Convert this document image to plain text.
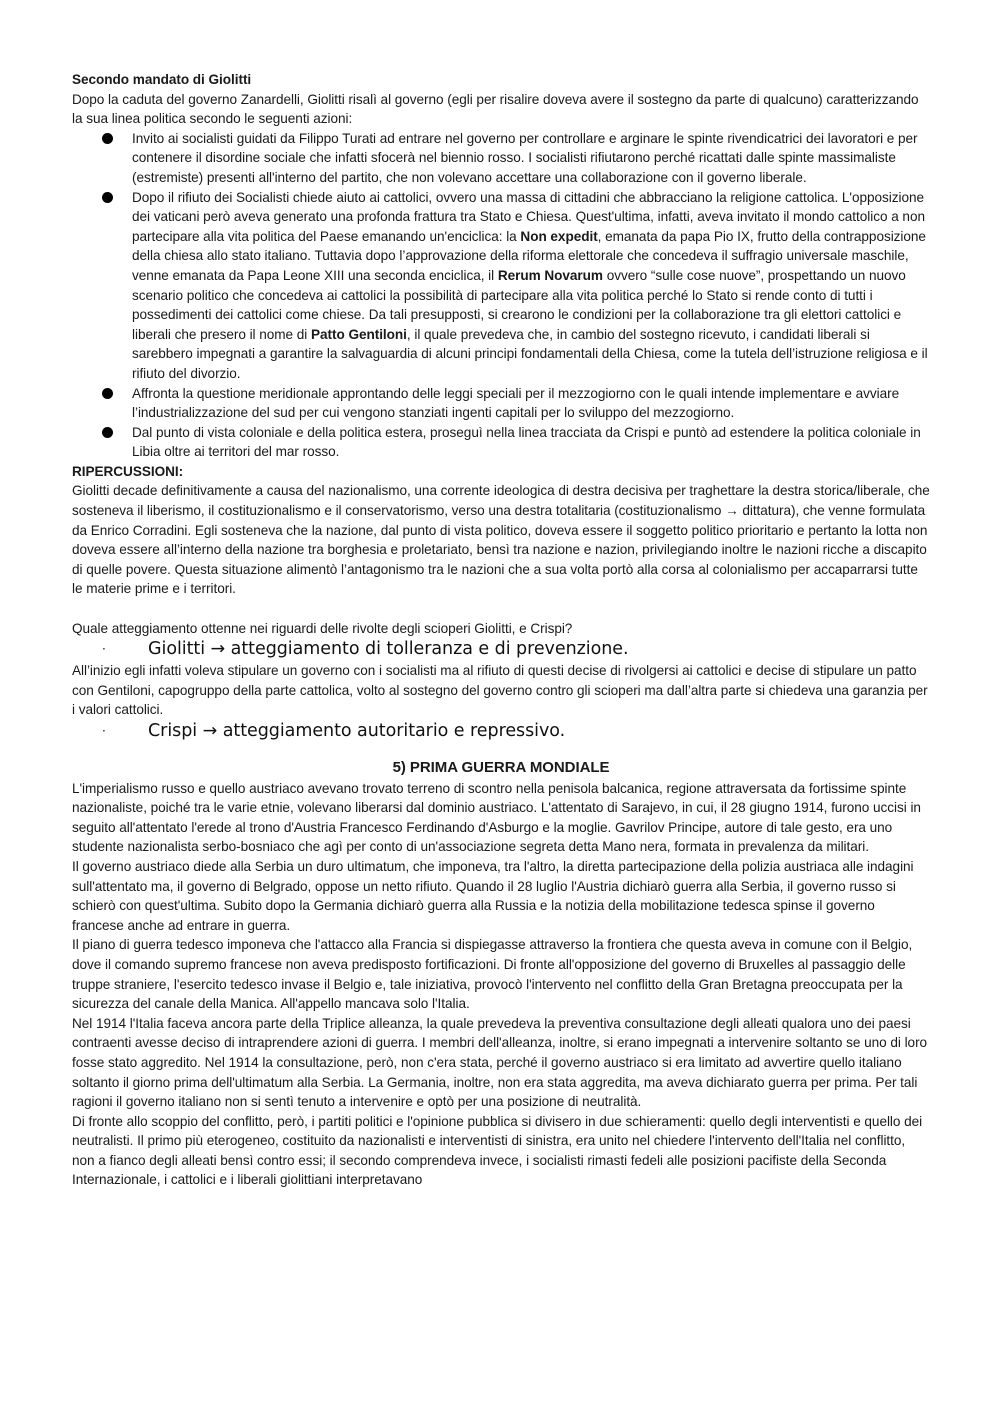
Secondo mandato di Giolitti

Dopo la caduta del governo Zanardelli, Giolitti risalì al governo (egli per risalire doveva avere il sostegno da parte di qualcuno) caratterizzando la sua linea politica secondo le seguenti azioni:

Invito ai socialisti guidati da Filippo Turati ad entrare nel governo per controllare e arginare le spinte rivendicatrici dei lavoratori e per contenere il disordine sociale che infatti sfocerà nel biennio rosso. I socialisti rifiutarono perché ricattati dalle spinte massimaliste (estremiste) presenti all'interno del partito, che non volevano accettare una collaborazione con il governo liberale.
Dopo il rifiuto dei Socialisti chiede aiuto ai cattolici, ovvero una massa di cittadini che abbracciano la religione cattolica. L'opposizione dei vaticani però aveva generato una profonda frattura tra Stato e Chiesa. Quest'ultima, infatti, aveva invitato il mondo cattolico a non partecipare alla vita politica del Paese emanando un'enciclica: la Non expedit, emanata da papa Pio IX, frutto della contrapposizione della chiesa allo stato italiano. Tuttavia dopo l’approvazione della riforma elettorale che concedeva il suffragio universale maschile, venne emanata da Papa Leone XIII una seconda enciclica, il Rerum Novarum ovvero “sulle cose nuove”, prospettando un nuovo scenario politico che concedeva ai cattolici la possibilità di partecipare alla vita politica perché lo Stato si rende conto di tutti i possedimenti dei cattolici come chiese. Da tali presupposti, si crearono le condizioni per la collaborazione tra gli elettori cattolici e liberali che presero il nome di Patto Gentiloni, il quale prevedeva che, in cambio del sostegno ricevuto, i candidati liberali si sarebbero impegnati a garantire la salvaguardia di alcuni principi fondamentali della Chiesa, come la tutela dell’istruzione religiosa e il rifiuto del divorzio.
Affronta la questione meridionale approntando delle leggi speciali per il mezzogiorno con le quali intende implementare e avviare l’industrializzazione del sud per cui vengono stanziati ingenti capitali per lo sviluppo del mezzogiorno.
Dal punto di vista coloniale e della politica estera, proseguì nella linea tracciata da Crispi e puntò ad estendere la politica coloniale in Libia oltre ai territori del mar rosso.

RIPERCUSSIONI:

Giolitti decade definitivamente a causa del nazionalismo, una corrente ideologica di destra decisiva per traghettare la destra storica/liberale, che sosteneva il liberismo, il costituzionalismo e il conservatorismo, verso una destra totalitaria (costituzionalismo → dittatura), che venne formulata da Enrico Corradini. Egli sosteneva che la nazione, dal punto di vista politico, doveva essere il soggetto politico prioritario e pertanto la lotta non doveva essere all’interno della nazione tra borghesia e proletariato, bensì tra nazione e nazion, privilegiando inoltre le nazioni ricche a discapito di quelle povere. Questa situazione alimentò l’antagonismo tra le nazioni che a sua volta portò alla corsa al colonialismo per accaparrarsi tutte le materie prime e i territori.

Quale atteggiamento ottenne nei riguardi delle rivolte degli scioperi Giolitti, e Crispi?

· Giolitti → atteggiamento di tolleranza e di prevenzione.

All’inizio egli infatti voleva stipulare un governo con i socialisti ma al rifiuto di questi decise di rivolgersi ai cattolici e decise di stipulare un patto con Gentiloni, capogruppo della parte cattolica, volto al sostegno del governo contro gli scioperi ma dall’altra parte si chiedeva una garanzia per i valori cattolici.

· Crispi → atteggiamento autoritario e repressivo.

5) PRIMA GUERRA MONDIALE

L'imperialismo russo e quello austriaco avevano trovato terreno di scontro nella penisola balcanica, regione attraversata da fortissime spinte nazionaliste, poiché tra le varie etnie, volevano liberarsi dal dominio austriaco. L'attentato di Sarajevo, in cui, il 28 giugno 1914, furono uccisi in seguito all'attentato l'erede al trono d'Austria Francesco Ferdinando d'Asburgo e la moglie. Gavrilov Principe, autore di tale gesto, era uno studente nazionalista serbo-bosniaco che agì per conto di un'associazione segreta detta Mano nera, formata in prevalenza da militari.

Il governo austriaco diede alla Serbia un duro ultimatum, che imponeva, tra l'altro, la diretta partecipazione della polizia austriaca alle indagini sull'attentato ma, il governo di Belgrado, oppose un netto rifiuto. Quando il 28 luglio l'Austria dichiarò guerra alla Serbia, il governo russo si schierò con quest'ultima. Subito dopo la Germania dichiarò guerra alla Russia e la notizia della mobilitazione tedesca spinse il governo francese anche ad entrare in guerra.

Il piano di guerra tedesco imponeva che l'attacco alla Francia si dispiegasse attraverso la frontiera che questa aveva in comune con il Belgio, dove il comando supremo francese non aveva predisposto fortificazioni. Di fronte all'opposizione del governo di Bruxelles al passaggio delle truppe straniere, l'esercito tedesco invase il Belgio e, tale iniziativa, provocò l'intervento nel conflitto della Gran Bretagna preoccupata per la sicurezza del canale della Manica. All'appello mancava solo l'Italia.

Nel 1914 l'Italia faceva ancora parte della Triplice alleanza, la quale prevedeva la preventiva consultazione degli alleati qualora uno dei paesi contraenti avesse deciso di intraprendere azioni di guerra. I membri dell'alleanza, inoltre, si erano impegnati a intervenire soltanto se uno di loro fosse stato aggredito. Nel 1914 la consultazione, però, non c'era stata, perché il governo austriaco si era limitato ad avvertire quello italiano soltanto il giorno prima dell'ultimatum alla Serbia. La Germania, inoltre, non era stata aggredita, ma aveva dichiarato guerra per prima. Per tali ragioni il governo italiano non si sentì tenuto a intervenire e optò per una posizione di neutralità.

Di fronte allo scoppio del conflitto, però, i partiti politici e l'opinione pubblica si divisero in due schieramenti: quello degli interventisti e quello dei neutralisti. Il primo più eterogeneo, costituito da nazionalisti e interventisti di sinistra, era unito nel chiedere l'intervento dell'Italia nel conflitto, non a fianco degli alleati bensì contro essi; il secondo comprendeva invece, i socialisti rimasti fedeli alle posizioni pacifiste della Seconda Internazionale, i cattolici e i liberali giolittiani interpretavano
